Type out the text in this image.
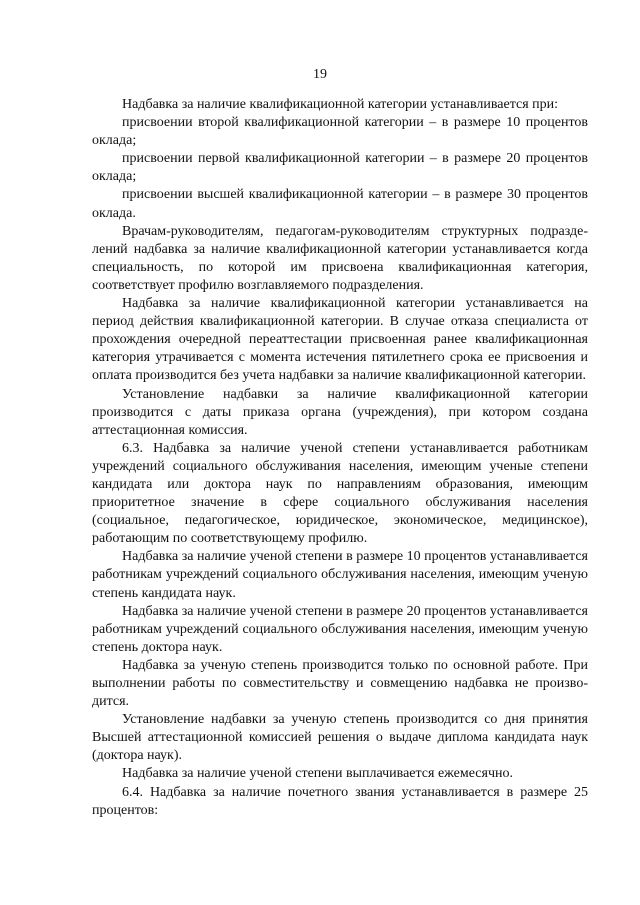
19

Надбавка за наличие квалификационной категории устанавливается при:

присвоении второй квалификационной категории – в размере 10 процентов оклада;

присвоении первой квалификационной категории – в размере 20 процентов оклада;

присвоении высшей квалификационной категории – в размере 30 процентов оклада.

Врачам-руководителям, педагогам-руководителям структурных подразделений надбавка за наличие квалификационной категории устанавливается когда специальность, по которой им присвоена квалификационная категория, соответствует профилю возглавляемого подразделения.

Надбавка за наличие квалификационной категории устанавливается на период действия квалификационной категории. В случае отказа специалиста от прохождения очередной переаттестации присвоенная ранее квалификационная категория утрачивается с момента истечения пятилетнего срока ее присвоения и оплата производится без учета надбавки за наличие квалификационной категории.

Установление надбавки за наличие квалификационной категории производится с даты приказа органа (учреждения), при котором создана аттестационная комиссия.

6.3. Надбавка за наличие ученой степени устанавливается работникам учреждений социального обслуживания населения, имеющим ученые степени кандидата или доктора наук по направлениям образования, имеющим приоритетное значение в сфере социального обслуживания населения (социальное, педагогическое, юридическое, экономическое, медицинское), работающим по соответствующему профилю.

Надбавка за наличие ученой степени в размере 10 процентов устанавливается работникам учреждений социального обслуживания населения, имеющим ученую степень кандидата наук.

Надбавка за наличие ученой степени в размере 20 процентов устанавливается работникам учреждений социального обслуживания населения, имеющим ученую степень доктора наук.

Надбавка за ученую степень производится только по основной работе. При выполнении работы по совместительству и совмещению надбавка не производится.

Установление надбавки за ученую степень производится со дня принятия Высшей аттестационной комиссией решения о выдаче диплома кандидата наук (доктора наук).

Надбавка за наличие ученой степени выплачивается ежемесячно.

6.4. Надбавка за наличие почетного звания устанавливается в размере 25 процентов:
